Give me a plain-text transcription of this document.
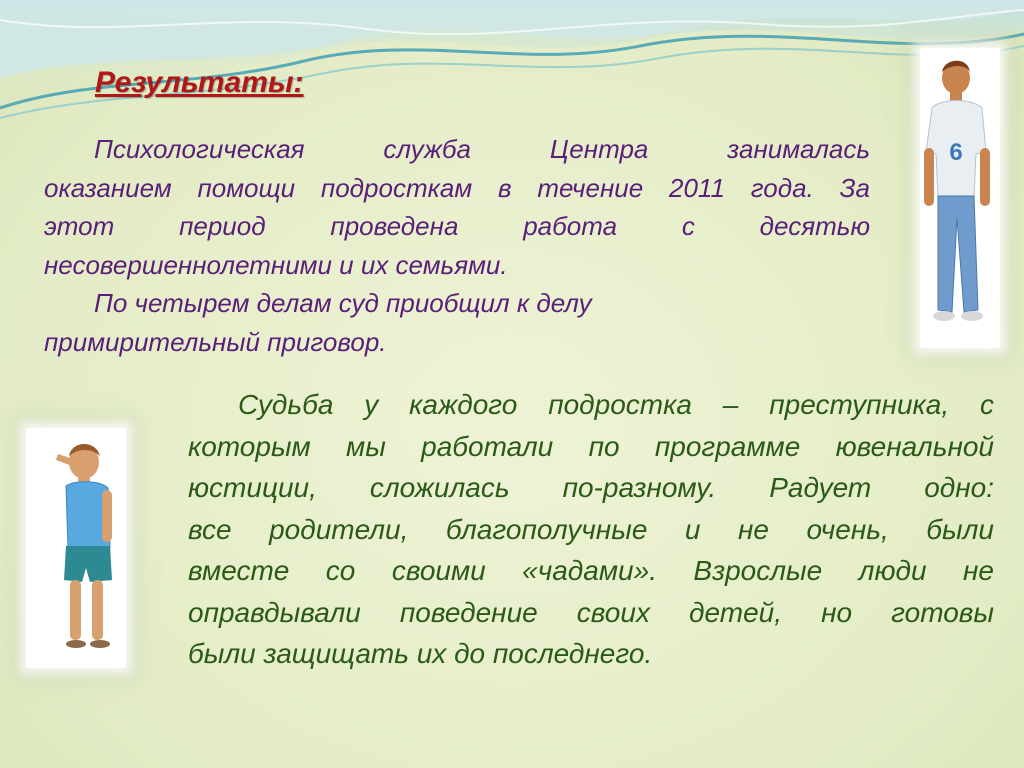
Результаты:

Психологическая служба Центра занималась
оказанием помощи подросткам в течение 2011 года. За
этот период проведена работа с десятью
несовершеннолетними и их семьями.
По четырем делам суд приобщил к делу
примирительный приговор.

Судьба у каждого подростка – преступника, с
которым мы работали по программе ювенальной
юстиции, сложилась по-разному. Радует одно:
все родители, благополучные и не очень, были
вместе со своими «чадами». Взрослые люди не
оправдывали поведение своих детей, но готовы
были защищать их до последнего.

6
